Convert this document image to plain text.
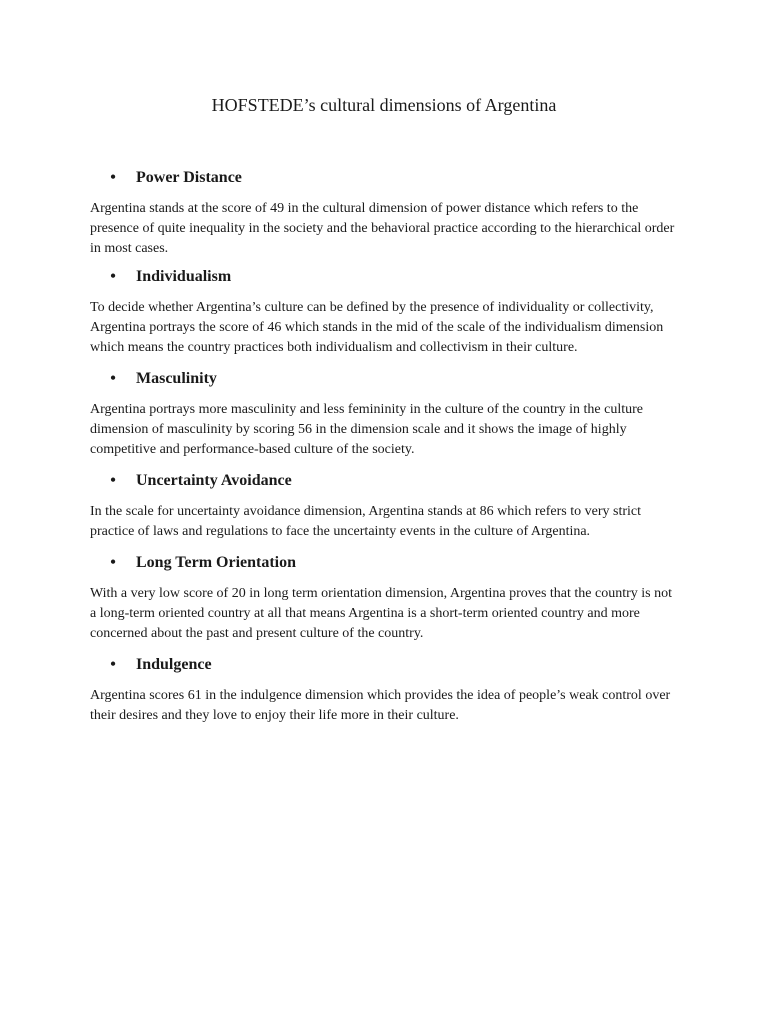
HOFSTEDE’s cultural dimensions of Argentina
•	Power Distance

Argentina stands at the score of 49 in the cultural dimension of power distance which refers to the presence of quite inequality in the society and the behavioral practice according to the hierarchical order in most cases.

•	Individualism

To decide whether Argentina’s culture can be defined by the presence of individuality or collectivity, Argentina portrays the score of 46 which stands in the mid of the scale of the individualism dimension which means the country practices both individualism and collectivism in their culture.

•	Masculinity

Argentina portrays more masculinity and less femininity in the culture of the country in the culture dimension of masculinity by scoring 56 in the dimension scale and it shows the image of highly competitive and performance-based culture of the society.

•	Uncertainty Avoidance

In the scale for uncertainty avoidance dimension, Argentina stands at 86 which refers to very strict practice of laws and regulations to face the uncertainty events in the culture of Argentina.

•	Long Term Orientation

With a very low score of 20 in long term orientation dimension, Argentina proves that the country is not a long-term oriented country at all that means Argentina is a short-term oriented country and more concerned about the past and present culture of the country.

•	Indulgence

Argentina scores 61 in the indulgence dimension which provides the idea of people’s weak control over their desires and they love to enjoy their life more in their culture.
